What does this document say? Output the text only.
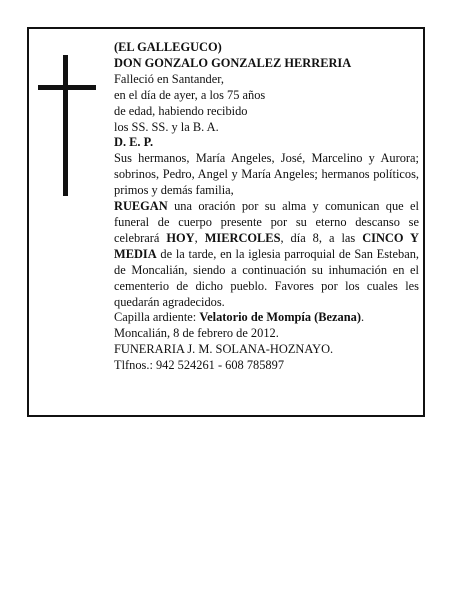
(EL GALLEGUCO)
DON GONZALO GONZALEZ HERRERIA
Falleció en Santander,
en el día de ayer, a los 75 años
de edad, habiendo recibido
los SS. SS. y la B. A.
D. E. P.

Sus hermanos, María Angeles, José, Marcelino y Aurora; sobrinos, Pedro, Angel y María Angeles; hermanos políticos, primos y demás familia,

RUEGAN una oración por su alma y comunican que el funeral de cuerpo presente por su eterno descanso se celebrará HOY, MIERCOLES, día 8, a las CINCO Y MEDIA de la tarde, en la iglesia parroquial de San Esteban, de Moncalián, siendo a continuación su inhumación en el cementerio de dicho pueblo. Favores por los cuales les quedarán agradecidos.

Capilla ardiente: Velatorio de Mompía (Bezana).
Moncalián, 8 de febrero de 2012.
FUNERARIA J. M. SOLANA-HOZNAYO.
Tlfnos.: 942 524261 - 608 785897
